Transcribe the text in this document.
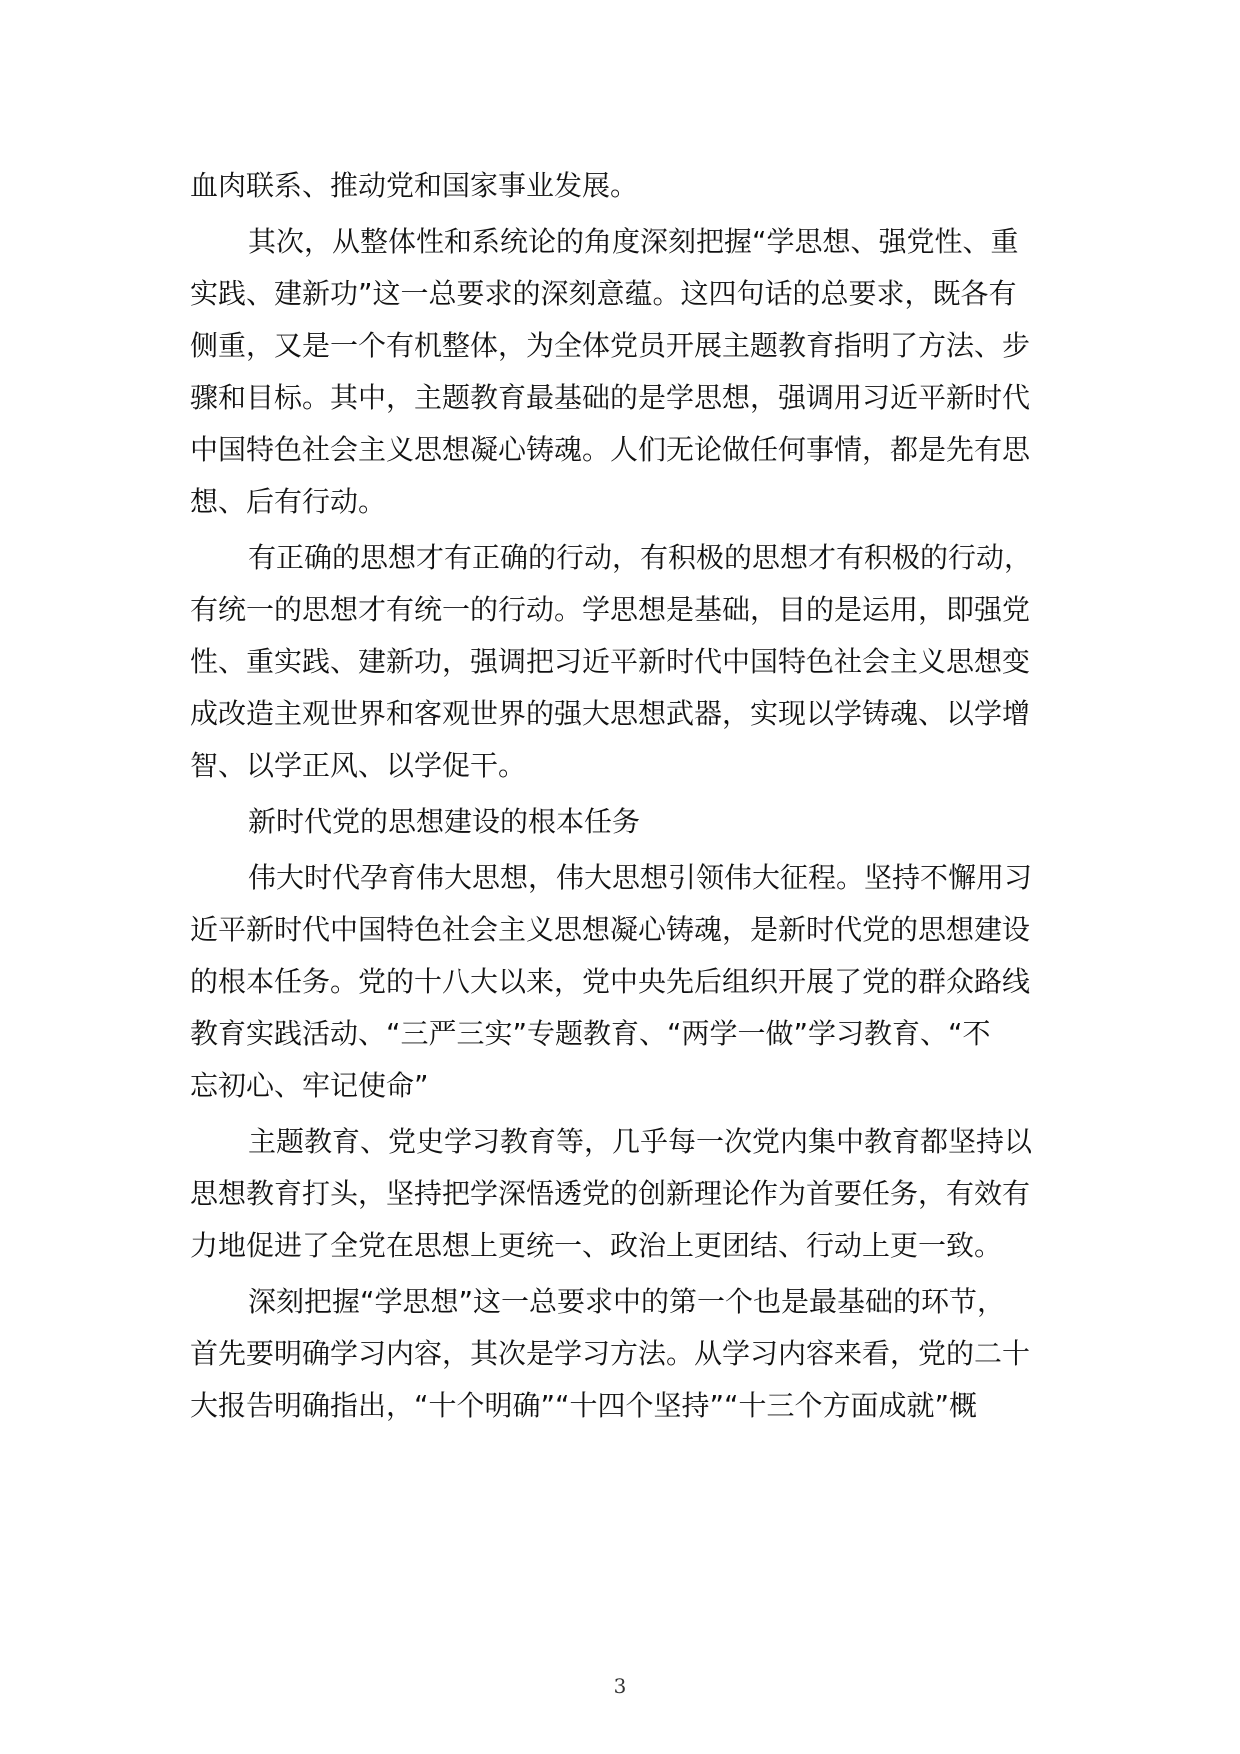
血肉联系、推动党和国家事业发展。
其次，从整体性和系统论的角度深刻把握“学思想、强党性、重
实践、建新功”这一总要求的深刻意蕴。这四句话的总要求，既各有
侧重，又是一个有机整体，为全体党员开展主题教育指明了方法、步
骤和目标。其中，主题教育最基础的是学思想，强调用习近平新时代
中国特色社会主义思想凝心铸魂。人们无论做任何事情，都是先有思
想、后有行动。
有正确的思想才有正确的行动，有积极的思想才有积极的行动，
有统一的思想才有统一的行动。学思想是基础，目的是运用，即强党
性、重实践、建新功，强调把习近平新时代中国特色社会主义思想变
成改造主观世界和客观世界的强大思想武器，实现以学铸魂、以学增
智、以学正风、以学促干。
新时代党的思想建设的根本任务
伟大时代孕育伟大思想，伟大思想引领伟大征程。坚持不懈用习
近平新时代中国特色社会主义思想凝心铸魂，是新时代党的思想建设
的根本任务。党的十八大以来，党中央先后组织开展了党的群众路线
教育实践活动、“三严三实”专题教育、“两学一做”学习教育、“不
忘初心、牢记使命”
主题教育、党史学习教育等，几乎每一次党内集中教育都坚持以
思想教育打头，坚持把学深悟透党的创新理论作为首要任务，有效有
力地促进了全党在思想上更统一、政治上更团结、行动上更一致。
深刻把握“学思想”这一总要求中的第一个也是最基础的环节，
首先要明确学习内容，其次是学习方法。从学习内容来看，党的二十
大报告明确指出，“十个明确”“十四个坚持”“十三个方面成就”概
3
